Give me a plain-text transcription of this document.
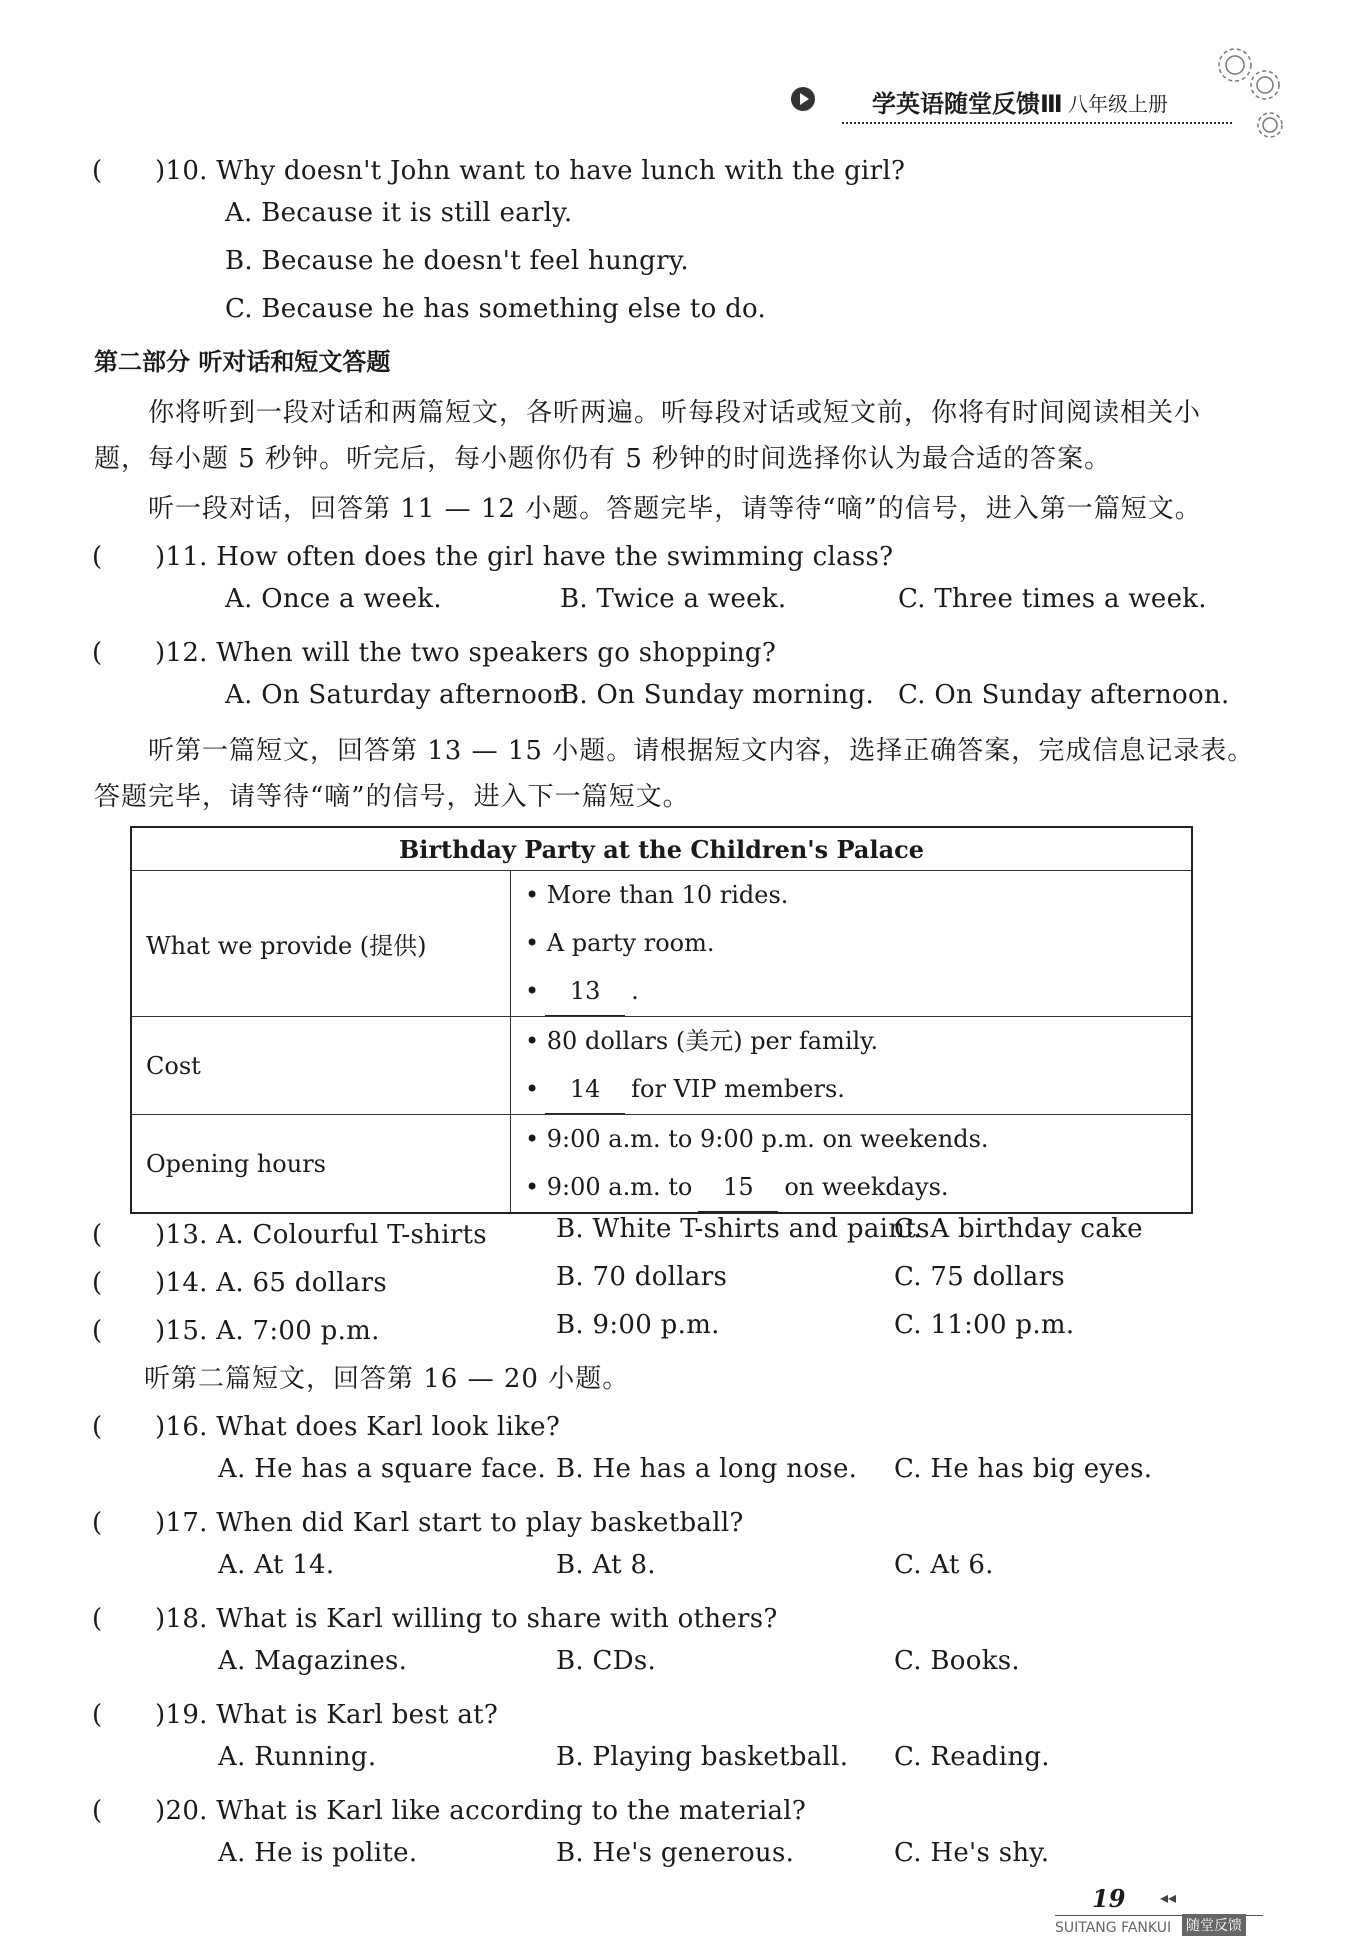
学英语随堂反馈Ⅲ 八年级上册
(　　)10. Why doesn't John want to have lunch with the girl?
A. Because it is still early.
B. Because he doesn't feel hungry.
C. Because he has something else to do.
第二部分 听对话和短文答题
你将听到一段对话和两篇短文，各听两遍。听每段对话或短文前，你将有时间阅读相关小
题，每小题 5 秒钟。听完后，每小题你仍有 5 秒钟的时间选择你认为最合适的答案。
听一段对话，回答第 11 — 12 小题。答题完毕，请等待“嘀”的信号，进入第一篇短文。
(　　)11. How often does the girl have the swimming class?
A. Once a week.	B. Twice a week.	C. Three times a week.
(　　)12. When will the two speakers go shopping?
A. On Saturday afternoon.
B. On Sunday morning. C. On Sunday afternoon.
听第一篇短文，回答第 13 — 15 小题。请根据短文内容，选择正确答案，完成信息记录表。
答题完毕，请等待“嘀”的信号，进入下一篇短文。
Birthday Party at the Children's Palace	
What we provide (提供)	• More than 10 rides.
• A party room.
• 13 .

Cost	• 80 dollars (美元) per family.
• 14 for VIP members.

Opening hours	• 9:00 a.m. to 9:00 p.m. on weekends.
• 9:00 a.m. to 15 on weekdays.
(　　)13. A. Colourful T-shirts	B. White T-shirts and paints
C. A birthday cake
(　　)14. A. 65 dollars	B. 70 dollars	C. 75 dollars
(　　)15. A. 7:00 p.m.	B. 9:00 p.m.	C. 11:00 p.m.
听第二篇短文，回答第 16 — 20 小题。
(　　)16. What does Karl look like?
A. He has a square face. B. He has a long nose. C. He has big eyes.
(　　)17. When did Karl start to play basketball?
A. At 14.	B. At 8.	C. At 6.
(　　)18. What is Karl willing to share with others?
A. Magazines.	B. CDs.	C. Books.
(　　)19. What is Karl best at?
A. Running.	B. Playing basketball. C. Reading.
(　　)20. What is Karl like according to the material?
A. He is polite.	B. He's generous.	C. He's shy.
19 ◂◂
SUITANG FANKUI 随堂反馈
